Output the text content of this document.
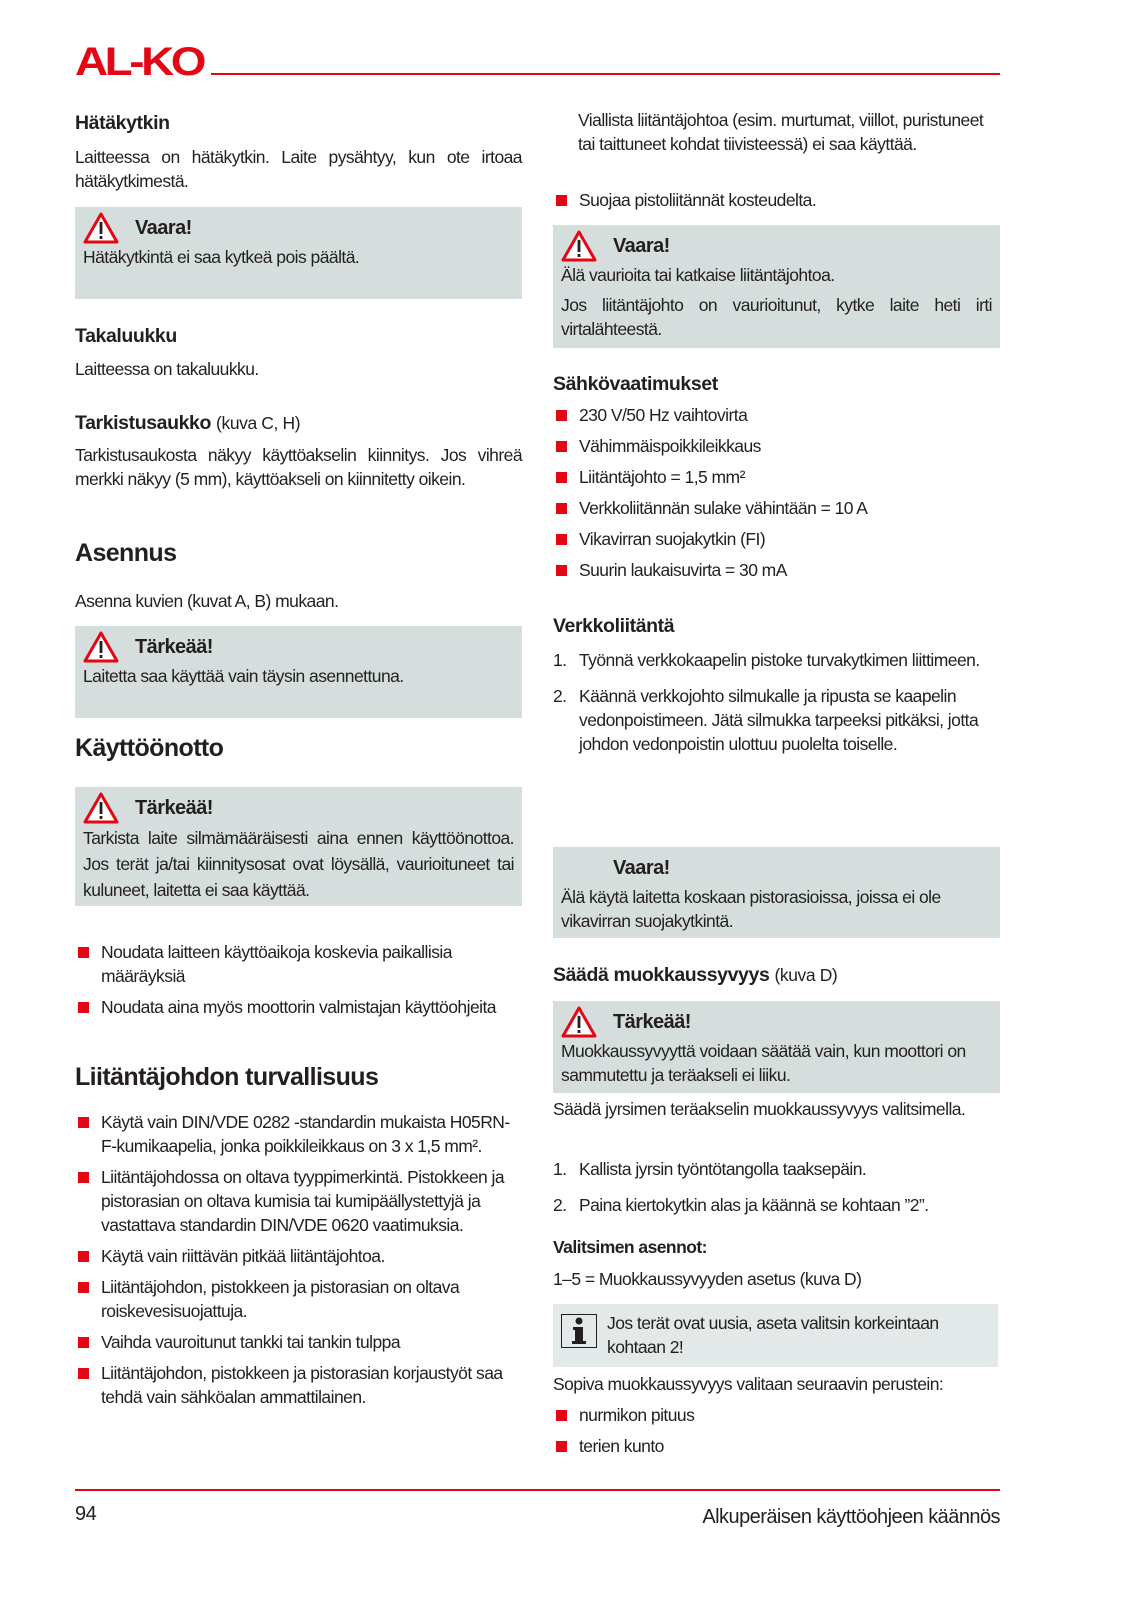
AL-KO
Hätäkytkin

Laitteessa on hätäkytkin. Laite pysähtyy, kun ote irtoaa hätäkytkimestä.

Vaara!
Hätäkytkintä ei saa kytkeä pois päältä.
Takaluukku

Laitteessa on takaluukku.

Tarkistusaukko (kuva C, H)

Tarkistusaukosta näkyy käyttöakselin kiinnitys. Jos vihreä merkki näkyy (5 mm), käyttöakseli on kiinnitetty oikein.

Asennus

Asenna kuvien (kuvat A, B) mukaan.

Tärkeää!
Laitetta saa käyttää vain täysin asennettuna.
Käyttöönotto
Tärkeää!
Tarkista laite silmämääräisesti aina ennen käyttöönottoa. Jos terät ja/tai kiinnitysosat ovat löysällä, vaurioituneet tai kuluneet, laitetta ei saa käyttää.
Noudata laitteen käyttöaikoja koskevia paikallisia määräyksiä
Noudata aina myös moottorin valmistajan käyttöohjeita
Liitäntäjohdon turvallisuus
Käytä vain DIN/VDE 0282 -standardin mukaista H05RN-F-kumikaapelia, jonka poikkileikkaus on 3 x 1,5 mm².
Liitäntäjohdossa on oltava tyyppimerkintä. Pistokkeen ja pistorasian on oltava kumisia tai kumipäällystettyjä ja vastattava standardin DIN/VDE 0620 vaatimuksia.
Käytä vain riittävän pitkää liitäntäjohtoa.
Liitäntäjohdon, pistokkeen ja pistorasian on oltava roiskevesisuojattuja.
Vaihda vauroitunut tankki tai tankin tulppa
Liitäntäjohdon, pistokkeen ja pistorasian korjaustyöt saa tehdä vain sähköalan ammattilainen.

Viallista liitäntäjohtoa (esim. murtumat, viillot, puristuneet tai taittuneet kohdat tiivisteessä) ei saa käyttää.

Suojaa pistoliitännät kosteudelta.
Vaara!
Älä vaurioita tai katkaise liitäntäjohtoa.
Jos liitäntäjohto on vaurioitunut, kytke laite heti irti virtalähteestä.
Sähkövaatimukset
230 V/50 Hz vaihtovirta
Vähimmäispoikkileikkaus
Liitäntäjohto = 1,5 mm²
Verkkoliitännän sulake vähintään = 10 A
Vikavirran suojakytkin (FI)
Suurin laukaisuvirta = 30 mA
Verkkoliitäntä
1. Työnnä verkkokaapelin pistoke turvakytkimen liittimeen.
2. Käännä verkkojohto silmukalle ja ripusta se kaapelin vedonpoistimeen. Jätä silmukka tarpeeksi pitkäksi, jotta johdon vedonpoistin ulottuu puolelta toiselle.
Vaara!
Älä käytä laitetta koskaan pistorasioissa, joissa ei ole vikavirran suojakytkintä.
Säädä muokkaussyvyys (kuva D)
Tärkeää!
Muokkaussyvyyttä voidaan säätää vain, kun moottori on sammutettu ja teräakseli ei liiku.

Säädä jyrsimen teräakselin muokkaussyvyys valitsimella.

1. Kallista jyrsin työntötangolla taaksepäin.
2. Paina kiertokytkin alas ja käännä se kohtaan ”2”.
Valitsimen asennot:
1–5 = Muokkaussyvyyden asetus (kuva D)
Jos terät ovat uusia, aseta valitsin korkeintaan kohtaan 2!

Sopiva muokkaussyvyys valitaan seuraavin perustein:

nurmikon pituus
terien kunto
94	Alkuperäisen käyttöohjeen käännös
